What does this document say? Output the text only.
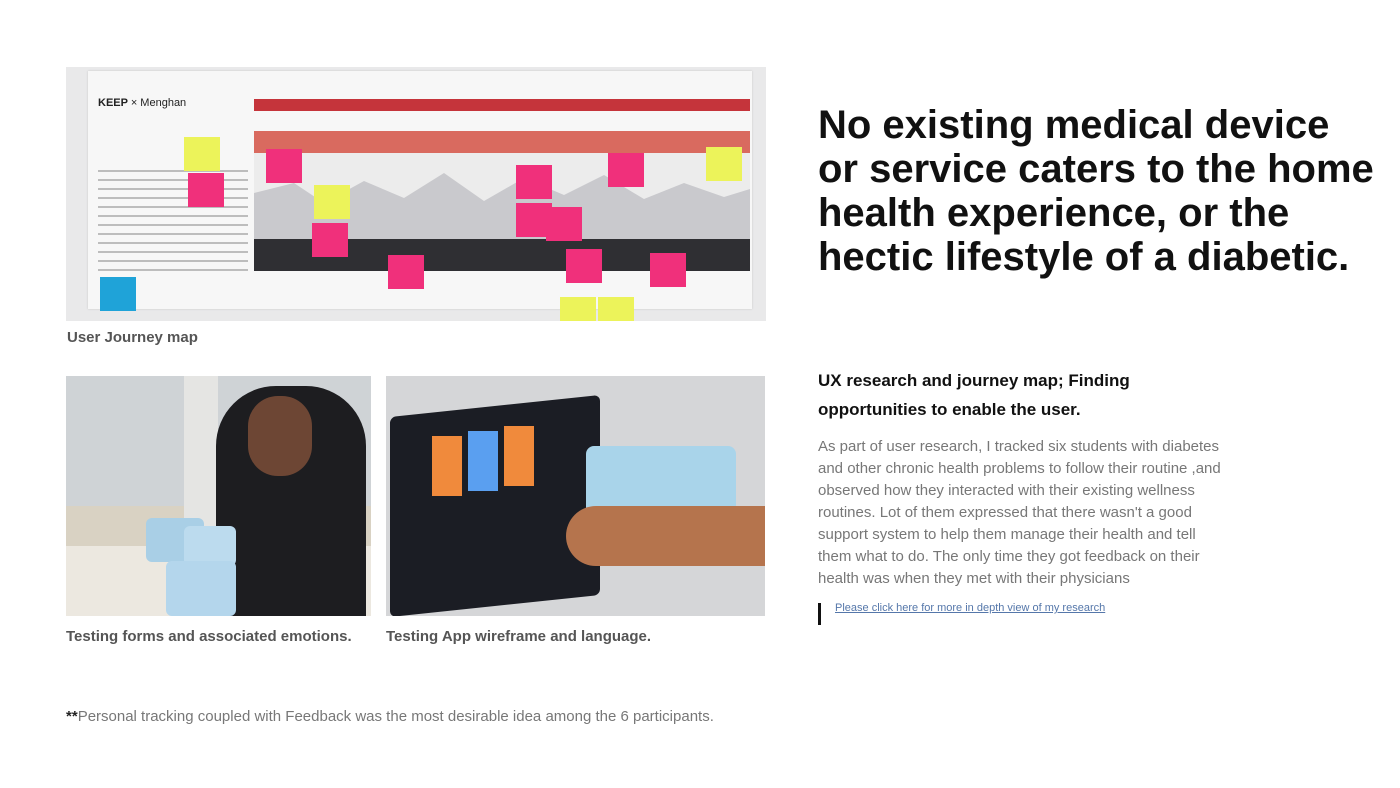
KEEP × Menghan
User Journey map
Testing forms and associated emotions. Testing App wireframe and language.
No existing medical device or service caters to the home health experience, or the hectic lifestyle of a diabetic.
UX research and journey map; Finding opportunities to enable the user.

As part of user research, I tracked six students with diabetes and other chronic health problems to follow their routine ,and observed how they interacted with their existing wellness routines. Lot of them expressed that there wasn't a good support system to help them manage their health and tell them what to do. The only time they got feedback on their health was when they met with their physicians

Please click here for more in depth view of my research
**Personal tracking coupled with Feedback was the most desirable idea among the 6 participants.
